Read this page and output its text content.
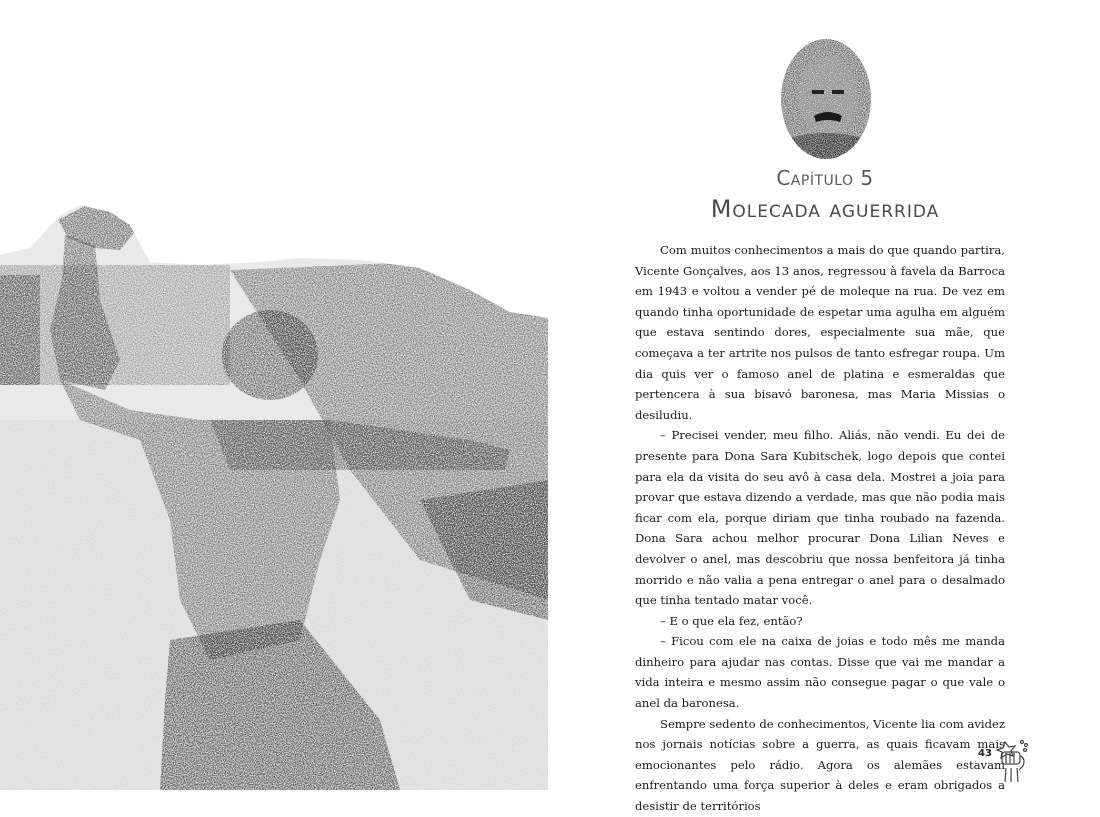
Capítulo 5
Molecada aguerrida

Com muitos conhecimentos a mais do que quando partira, Vicente Gonçalves, aos 13 anos, regressou à favela da Barroca em 1943 e voltou a vender pé de moleque na rua. De vez em quando tinha oportunidade de espetar uma agulha em alguém que estava sentindo dores, especialmente sua mãe, que começava a ter artrite nos pulsos de tanto esfregar roupa. Um dia quis ver o famoso anel de platina e esmeraldas que pertencera à sua bisavó baronesa, mas Maria Missias o desiludiu.

– Precisei vender, meu filho. Aliás, não vendi. Eu dei de presente para Dona Sara Kubitschek, logo depois que contei para ela da visita do seu avô à casa dela. Mostrei a joia para provar que estava dizendo a verdade, mas que não podia mais ficar com ela, porque diriam que tinha roubado na fazenda. Dona Sara achou melhor procurar Dona Lilian Neves e devolver o anel, mas descobriu que nossa benfeitora já tinha morrido e não valia a pena entregar o anel para o desalmado que tinha tentado matar você.

– E o que ela fez, então?

– Ficou com ele na caixa de joias e todo mês me manda dinheiro para ajudar nas contas. Disse que vai me mandar a vida inteira e mesmo assim não consegue pagar o que vale o anel da baronesa.

Sempre sedento de conhecimentos, Vicente lia com avidez nos jornais notícias sobre a guerra, as quais ficavam mais emocionantes pelo rádio. Agora os alemães estavam enfrentando uma força superior à deles e eram obrigados a desistir de territórios

43
